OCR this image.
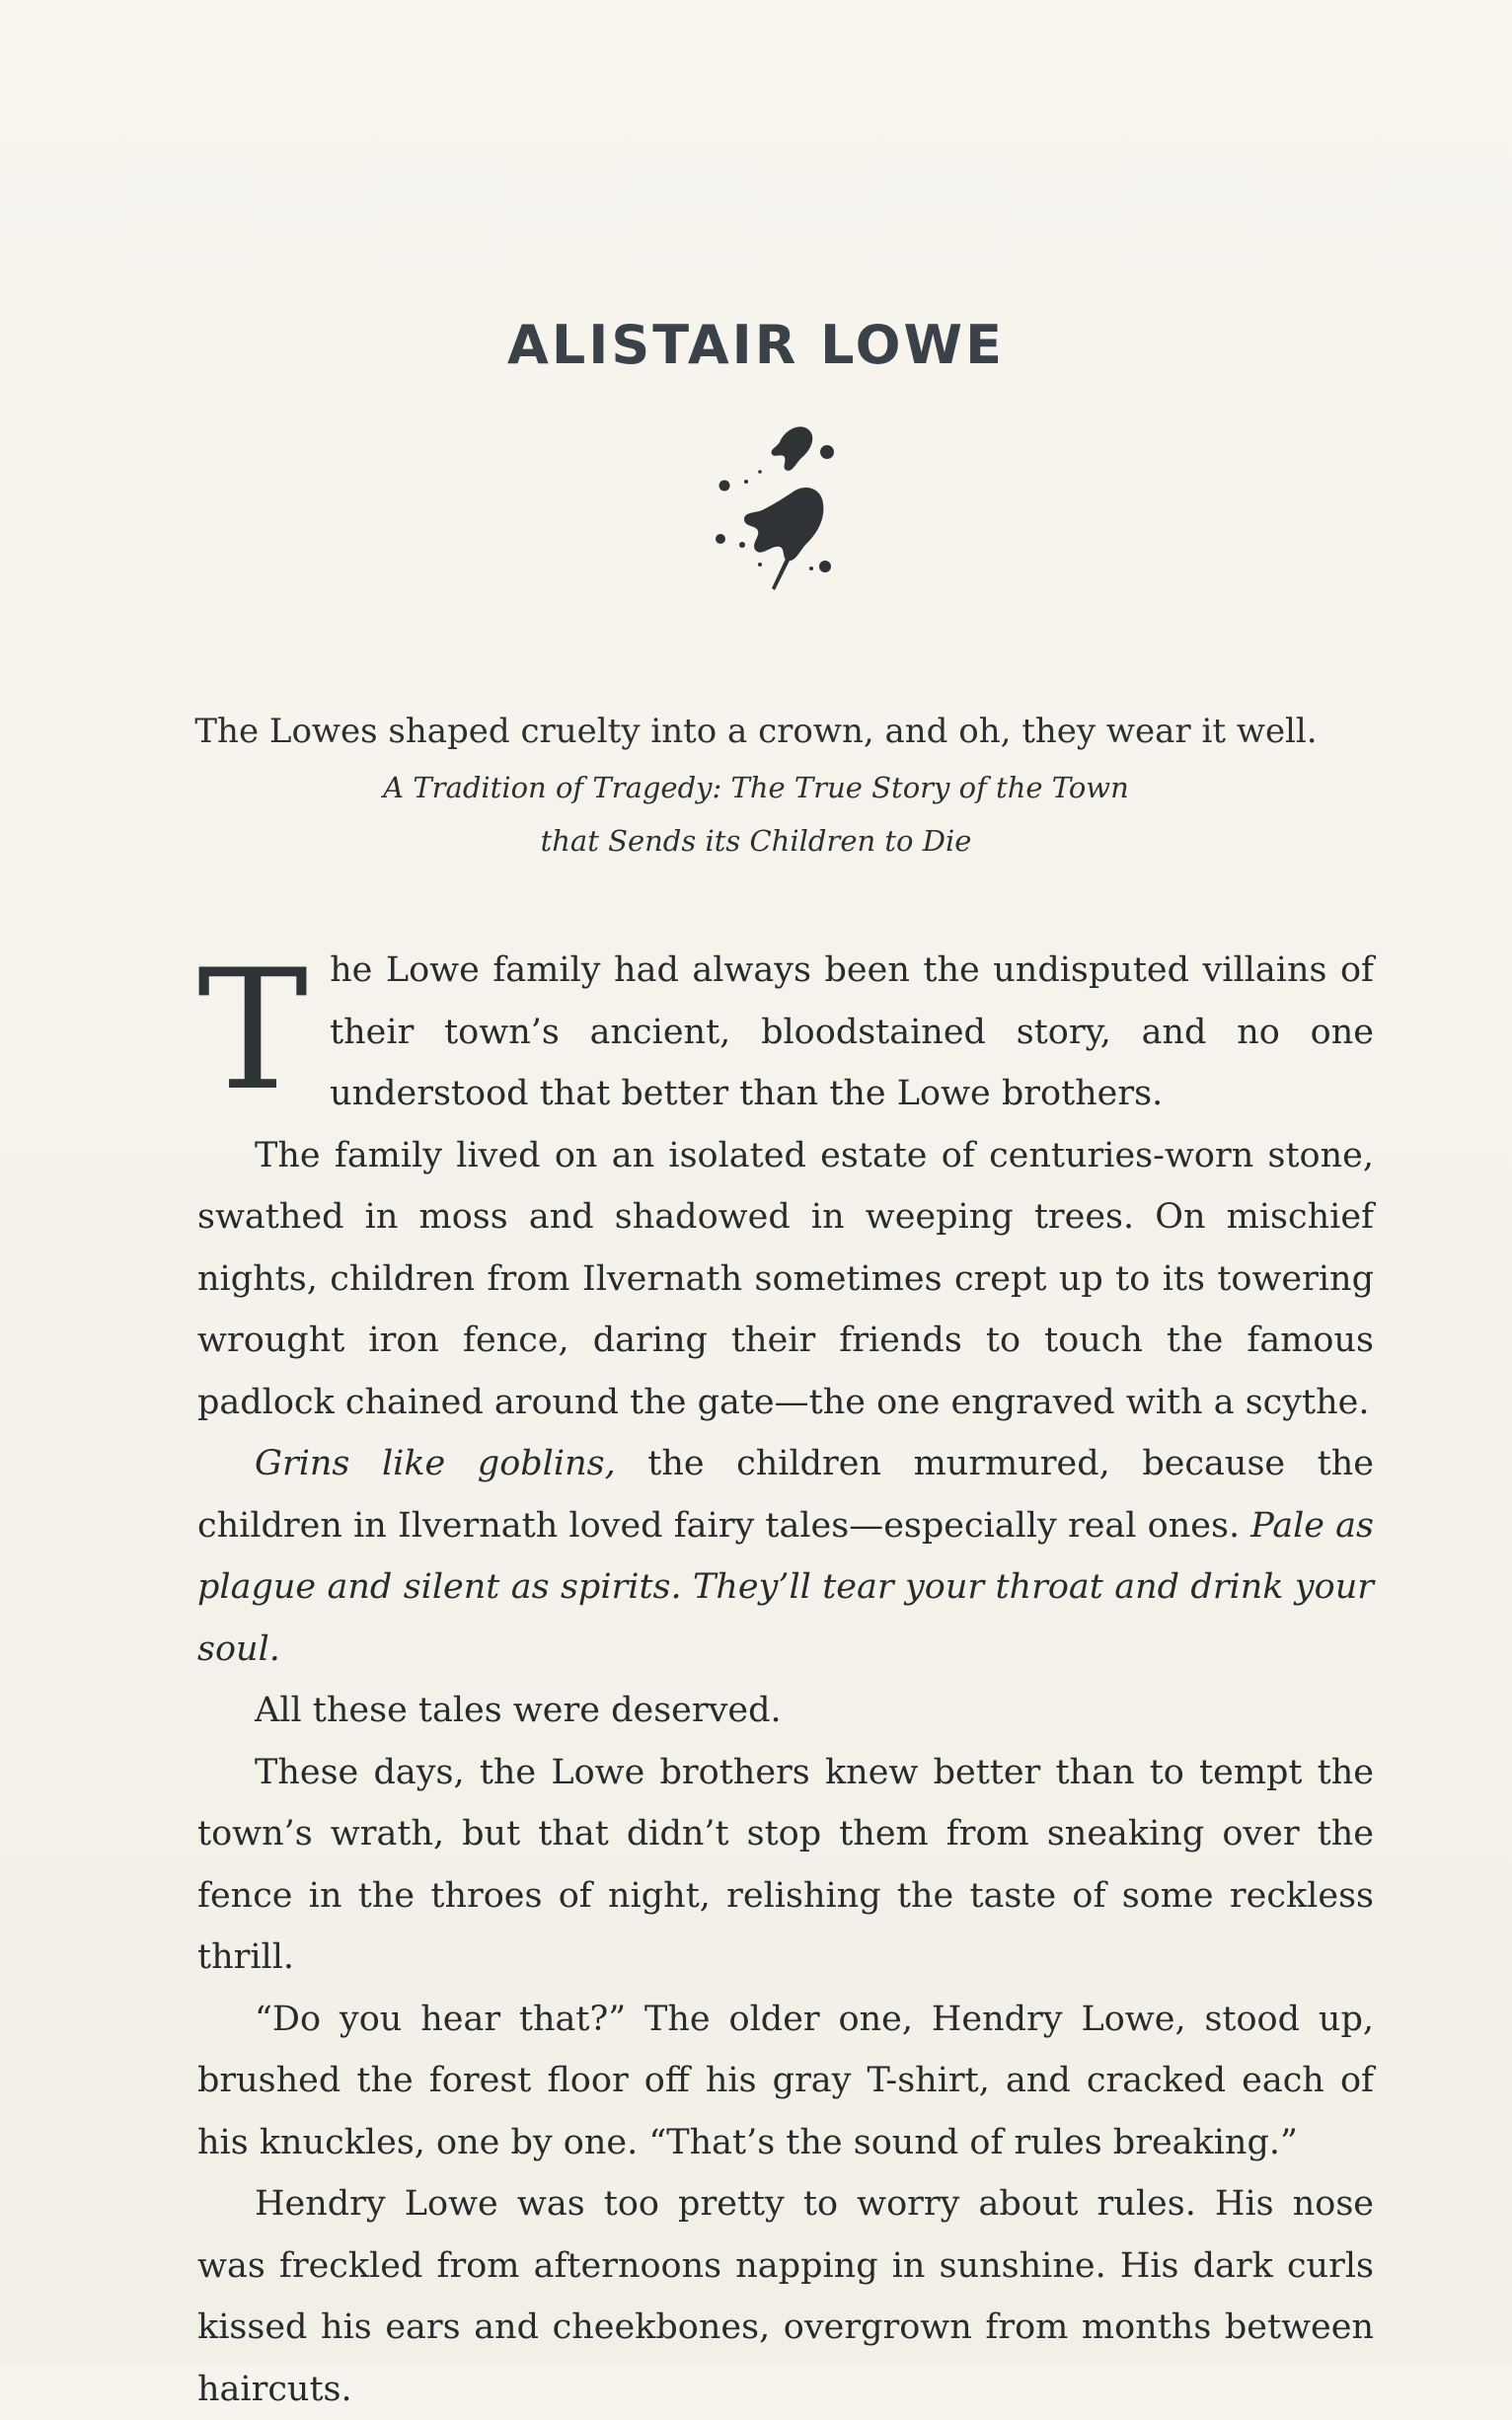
ALISTAIR LOWE

The Lowes shaped cruelty into a crown, and oh, they wear it well.

A Tradition of Tragedy: The True Story of the Town

that Sends its Children to Die

The Lowe family had always been the undisputed villains of their town’s ancient, bloodstained story, and no one understood that better than the Lowe brothers.

The family lived on an isolated estate of centuries-worn stone, swathed in moss and shadowed in weeping trees. On mischief nights, children from Ilvernath sometimes crept up to its towering wrought iron fence, daring their friends to touch the famous padlock chained around the gate—the one engraved with a scythe.

Grins like goblins, the children murmured, because the children in Ilvernath loved fairy tales—especially real ones. Pale as plague and silent as spirits. They’ll tear your throat and drink your soul.

All these tales were deserved.

These days, the Lowe brothers knew better than to tempt the town’s wrath, but that didn’t stop them from sneaking over the fence in the throes of night, relishing the taste of some reckless thrill.

“Do you hear that?” The older one, Hendry Lowe, stood up, brushed the forest floor off his gray T-shirt, and cracked each of his knuckles, one by one. “That’s the sound of rules breaking.”

Hendry Lowe was too pretty to worry about rules. His nose was freckled from afternoons napping in sunshine. His dark curls kissed his ears and cheekbones, overgrown from months between haircuts.
